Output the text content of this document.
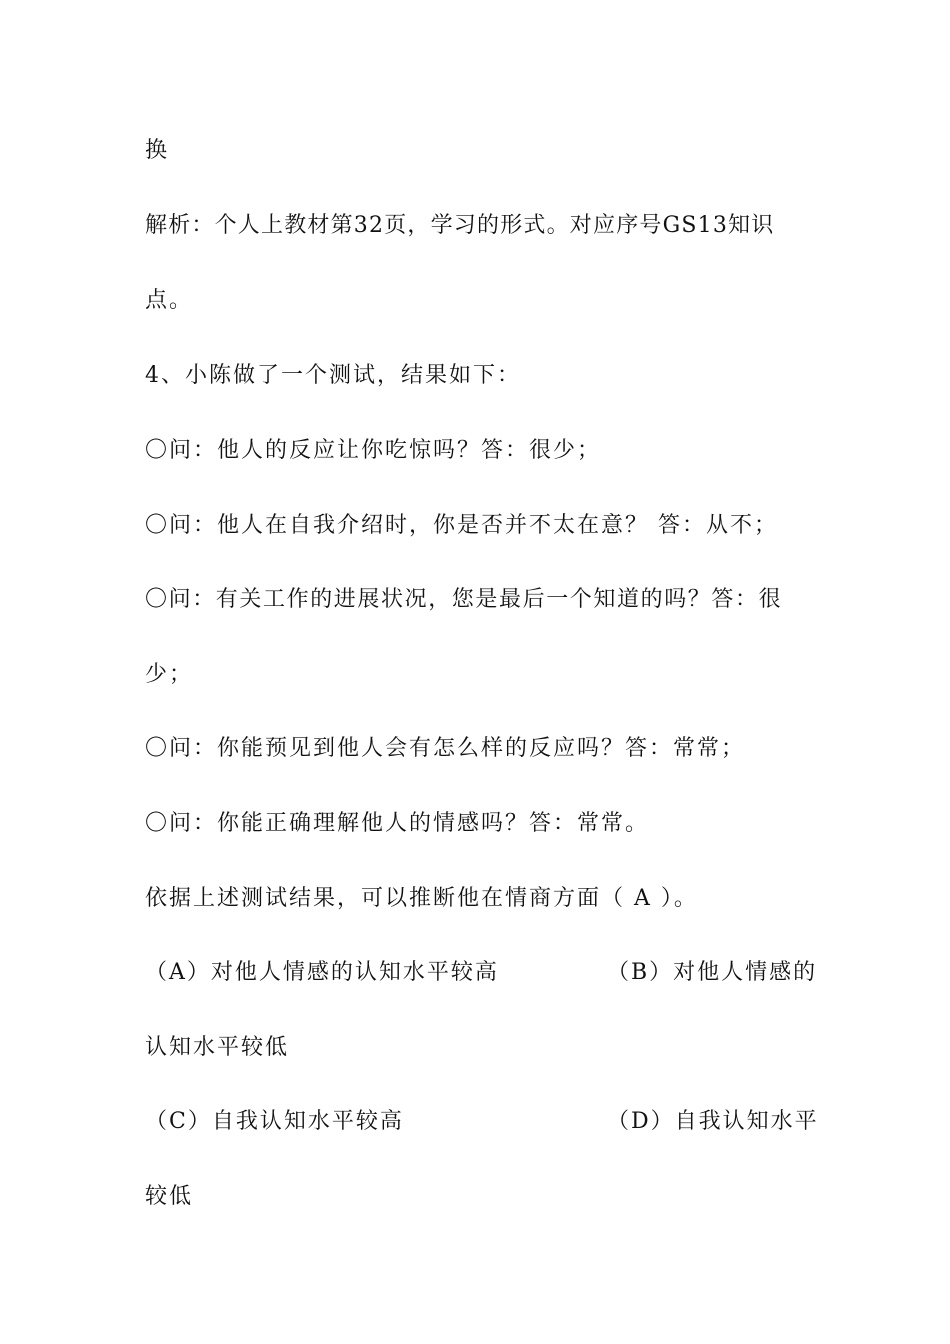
换
解析：个人上教材第32页，学习的形式。对应序号GS13知识
点。
4、小陈做了一个测试，结果如下：
〇问：他人的反应让你吃惊吗？答：很少；
〇问：他人在自我介绍时，你是否并不太在意？ 答：从不；
〇问：有关工作的进展状况，您是最后一个知道的吗？答：很
少；
〇问：你能预见到他人会有怎么样的反应吗？答：常常；
〇问：你能正确理解他人的情感吗？答：常常。
依据上述测试结果，可以推断他在情商方面（ A ）。
（A）对他人情感的认知水平较高	（B）对他人情感的
认知水平较低
（C）自我认知水平较高	（D）自我认知水平
较低
